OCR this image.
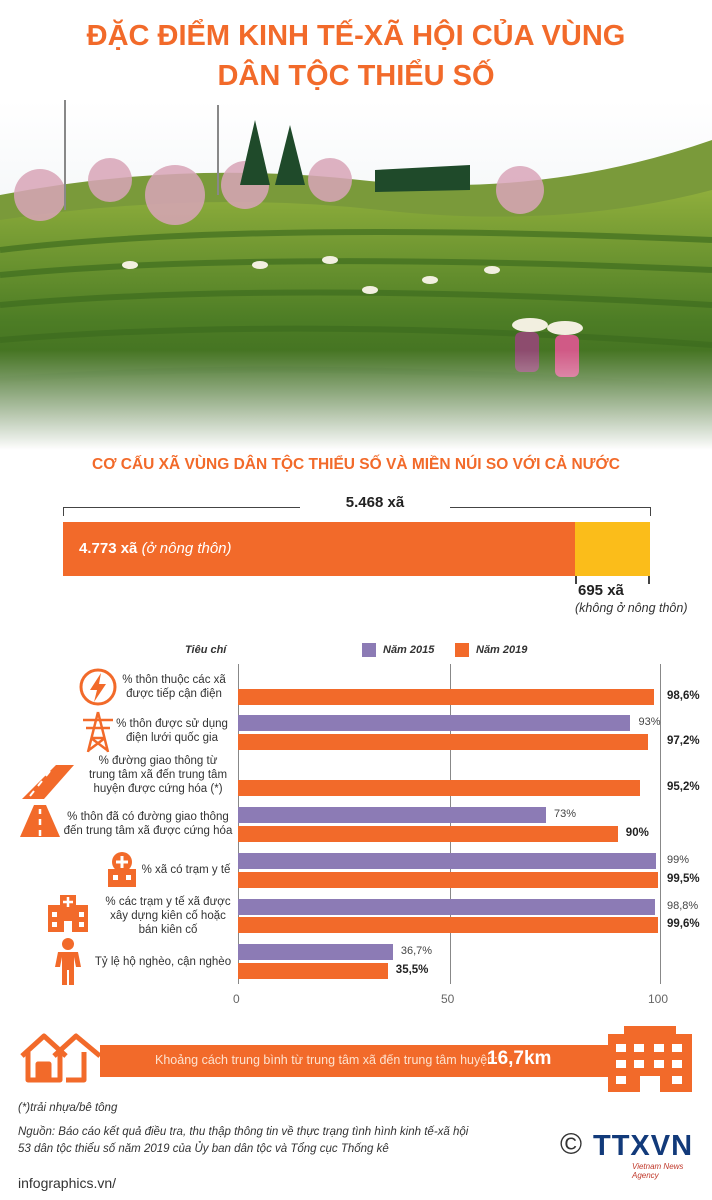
ĐẶC ĐIỂM KINH TẾ-XÃ HỘI CỦA VÙNG
DÂN TỘC THIỂU SỐ
CƠ CẤU XÃ VÙNG DÂN TỘC THIỂU SỐ VÀ MIỀN NÚI SO VỚI CẢ NƯỚC
5.468 xã
4.773 xã (ở nông thôn)
695 xã
(không ở nông thôn)
Tiêu chí	Năm 2015	Năm 2019
% thôn thuộc các xã
được tiếp cận điện
% thôn được sử dụng
điện lưới quốc gia
% đường giao thông từ
trung tâm xã đến trung tâm
huyện được cứng hóa (*)
% thôn đã có đường giao thông
đến trung tâm xã được cứng hóa
% xã có trạm y tế
% các trạm y tế xã được
xây dựng kiên cố hoặc
bán kiên cố
Tỷ lệ hộ nghèo, cận nghèo
0	50	100
98,6%
93%
97,2%
95,2%
73%
90%
99%
99,5%
98,8%
99,6%
36,7%
35,5%
Khoảng cách trung bình từ trung tâm xã đến trung tâm huyện:
16,7km
(*)trải nhựa/bê tông
Nguồn: Báo cáo kết quả điều tra, thu thập thông tin về thực trạng tình hình kinh tế-xã hội
53 dân tộc thiểu số năm 2019 của Ủy ban dân tộc và Tổng cục Thống kê
infographics.vn/
© TTXVN
Vietnam News Agency
